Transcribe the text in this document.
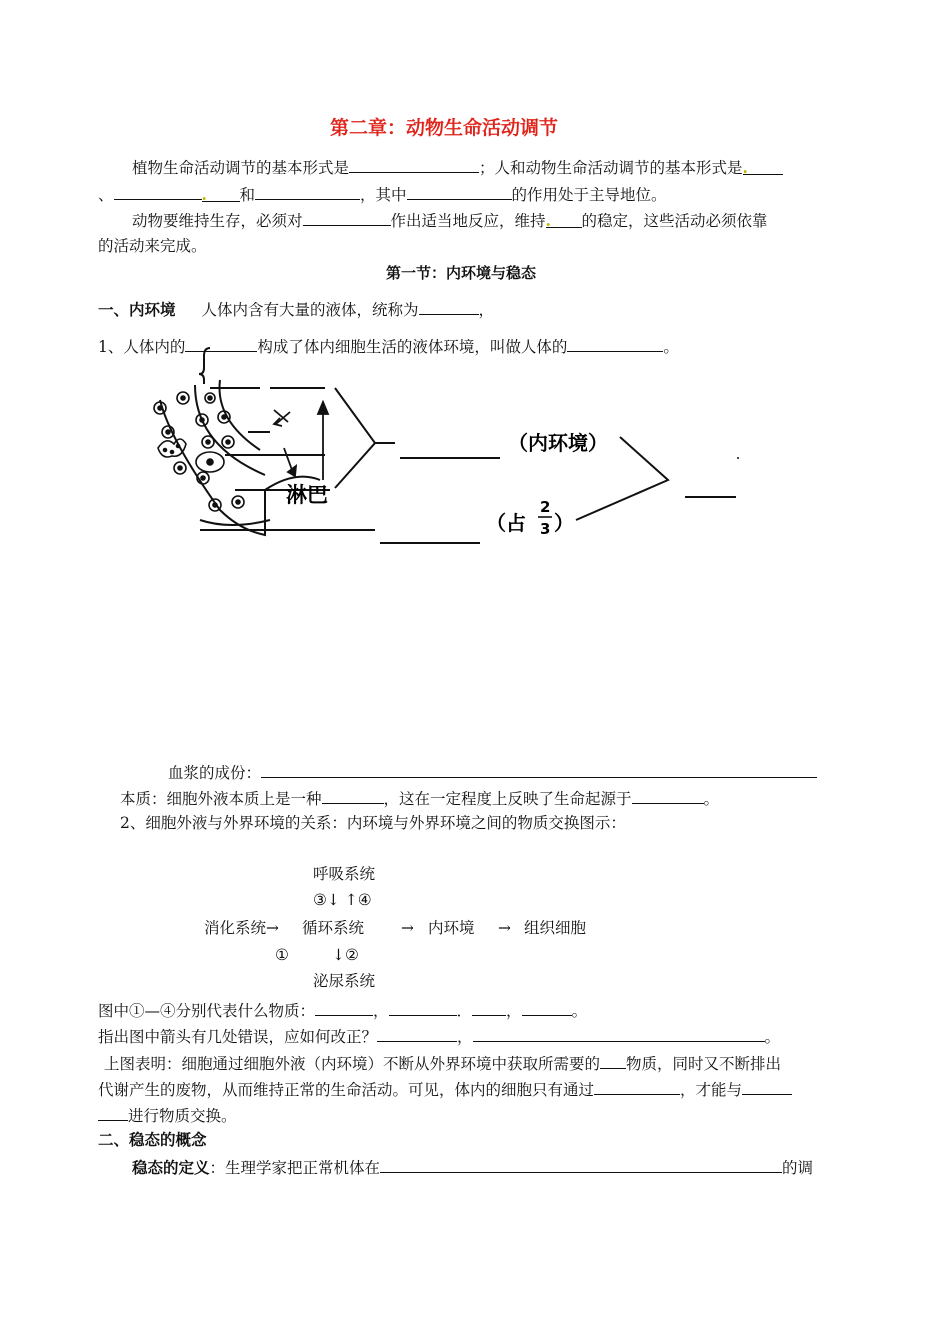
第二章：动物生命活动调节
植物生命活动调节的基本形式是	；人和动物生命活动调节的基本形式是.
、	. 和	，其中	的作用处于主导地位。
动物要维持生存，必须对	作出适当地反应，维持. 的稳定，这些活动必须依靠
的活动来完成。
第一节：内环境与稳态
一、内环境 人体内含有大量的液体，统称为	，
1、人体内的	构成了体内细胞生活的液体环境，叫做人体的	。
（内环境）
淋巴
（占
2
3 ）
血浆的成份：
本质：细胞外液本质上是一种	，这在一定程度上反映了生命起源于	。
2、细胞外液与外界环境的关系：内环境与外界环境之间的物质交换图示：
呼吸系统
③↓ ↑④
消化系统→ 循环系统 → 内环境 → 组织细胞
①	↓②
泌尿系统
图中①—④分别代表什么物质：	，	． ，	。
指出图中箭头有几处错误，应如何改正？	，	。
上图表明：细胞通过细胞外液（内环境）不断从外界环境中获取所需要的 物质，同时又不断排出
代谢产生的废物，从而维持正常的生命活动。可见，体内的细胞只有通过	，才能与
进行物质交换。
二、稳态的概念
稳态的定义：生理学家把正常机体在	的调
